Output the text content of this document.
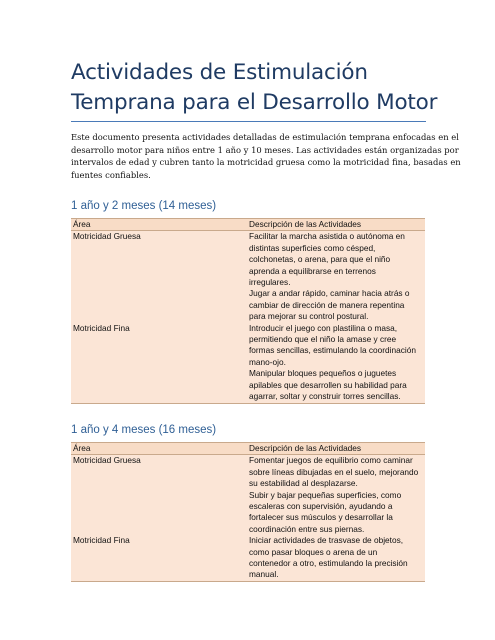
Actividades de Estimulación
Temprana para el Desarrollo Motor
Este documento presenta actividades detalladas de estimulación temprana enfocadas en el
desarrollo motor para niños entre 1 año y 10 meses. Las actividades están organizadas por
intervalos de edad y cubren tanto la motricidad gruesa como la motricidad fina, basadas en
fuentes confiables.
1 año y 2 meses (14 meses)
Área	Descripción de las Actividades
Motricidad Gruesa	Facilitar la marcha asistida o autónoma en
distintas superficies como césped,
colchonetas, o arena, para que el niño
aprenda a equilibrarse en terrenos
irregulares.
Jugar a andar rápido, caminar hacia atrás o
cambiar de dirección de manera repentina
para mejorar su control postural.
Motricidad Fina	Introducir el juego con plastilina o masa,
permitiendo que el niño la amase y cree
formas sencillas, estimulando la coordinación
mano-ojo.
Manipular bloques pequeños o juguetes
apilables que desarrollen su habilidad para
agarrar, soltar y construir torres sencillas.
1 año y 4 meses (16 meses)
Área	Descripción de las Actividades
Motricidad Gruesa	Fomentar juegos de equilibrio como caminar
sobre líneas dibujadas en el suelo, mejorando
su estabilidad al desplazarse.
Subir y bajar pequeñas superficies, como
escaleras con supervisión, ayudando a
fortalecer sus músculos y desarrollar la
coordinación entre sus piernas.
Motricidad Fina	Iniciar actividades de trasvase de objetos,
como pasar bloques o arena de un
contenedor a otro, estimulando la precisión
manual.
